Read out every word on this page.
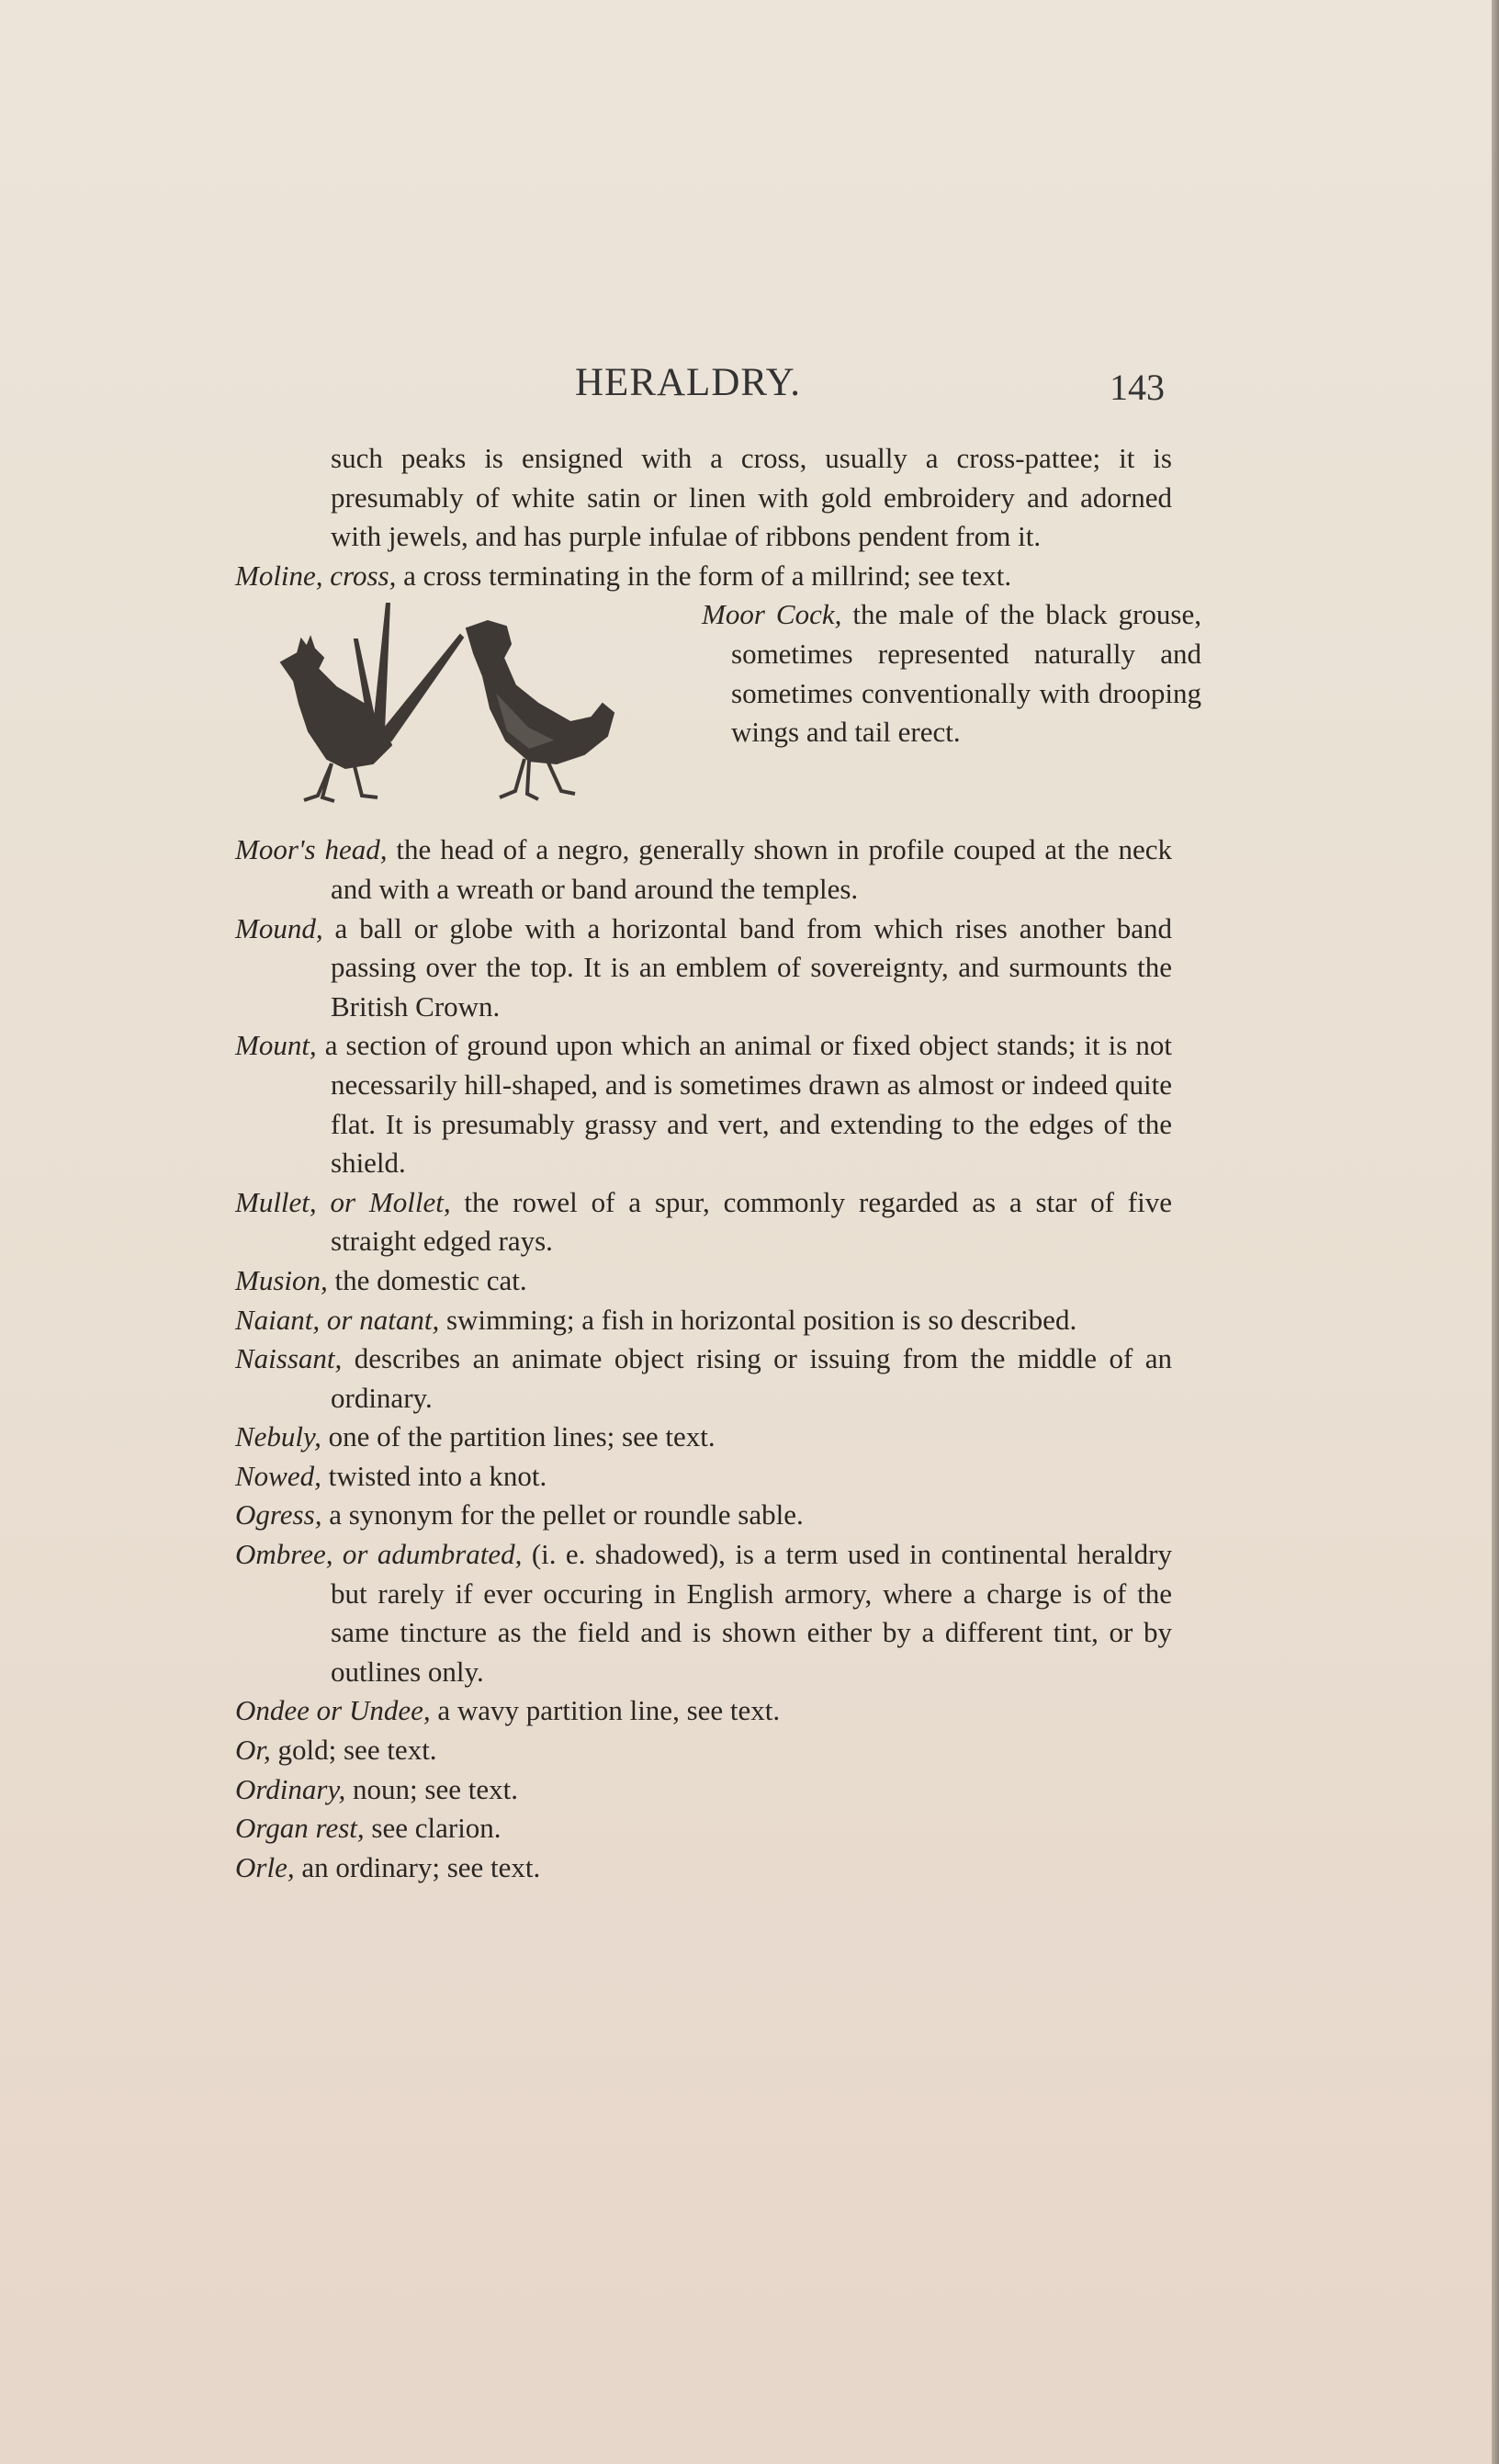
HERALDRY.	143

such peaks is ensigned with a cross, usually a cross-pattee; it is presumably of white satin or linen with gold embroidery and adorned with jewels, and has purple infulae of ribbons pendent from it.

Moline, cross, a cross terminating in the form of a millrind; see text.

Moor Cock, the male of the black grouse, sometimes represented naturally and sometimes conventionally with drooping wings and tail erect.

Moor's head, the head of a negro, generally shown in profile couped at the neck and with a wreath or band around the temples.

Mound, a ball or globe with a horizontal band from which rises another band passing over the top. It is an emblem of sovereignty, and surmounts the British Crown.

Mount, a section of ground upon which an animal or fixed object stands; it is not necessarily hill-shaped, and is sometimes drawn as almost or indeed quite flat. It is presumably grassy and vert, and extending to the edges of the shield.

Mullet, or Mollet, the rowel of a spur, commonly regarded as a star of five straight edged rays.

Musion, the domestic cat.

Naiant, or natant, swimming; a fish in horizontal position is so described.

Naissant, describes an animate object rising or issuing from the middle of an ordinary.

Nebuly, one of the partition lines; see text.

Nowed, twisted into a knot.

Ogress, a synonym for the pellet or roundle sable.

Ombree, or adumbrated, (i. e. shadowed), is a term used in continental heraldry but rarely if ever occuring in English armory, where a charge is of the same tincture as the field and is shown either by a different tint, or by outlines only.

Ondee or Undee, a wavy partition line, see text.

Or, gold; see text.

Ordinary, noun; see text.

Organ rest, see clarion.

Orle, an ordinary; see text.
